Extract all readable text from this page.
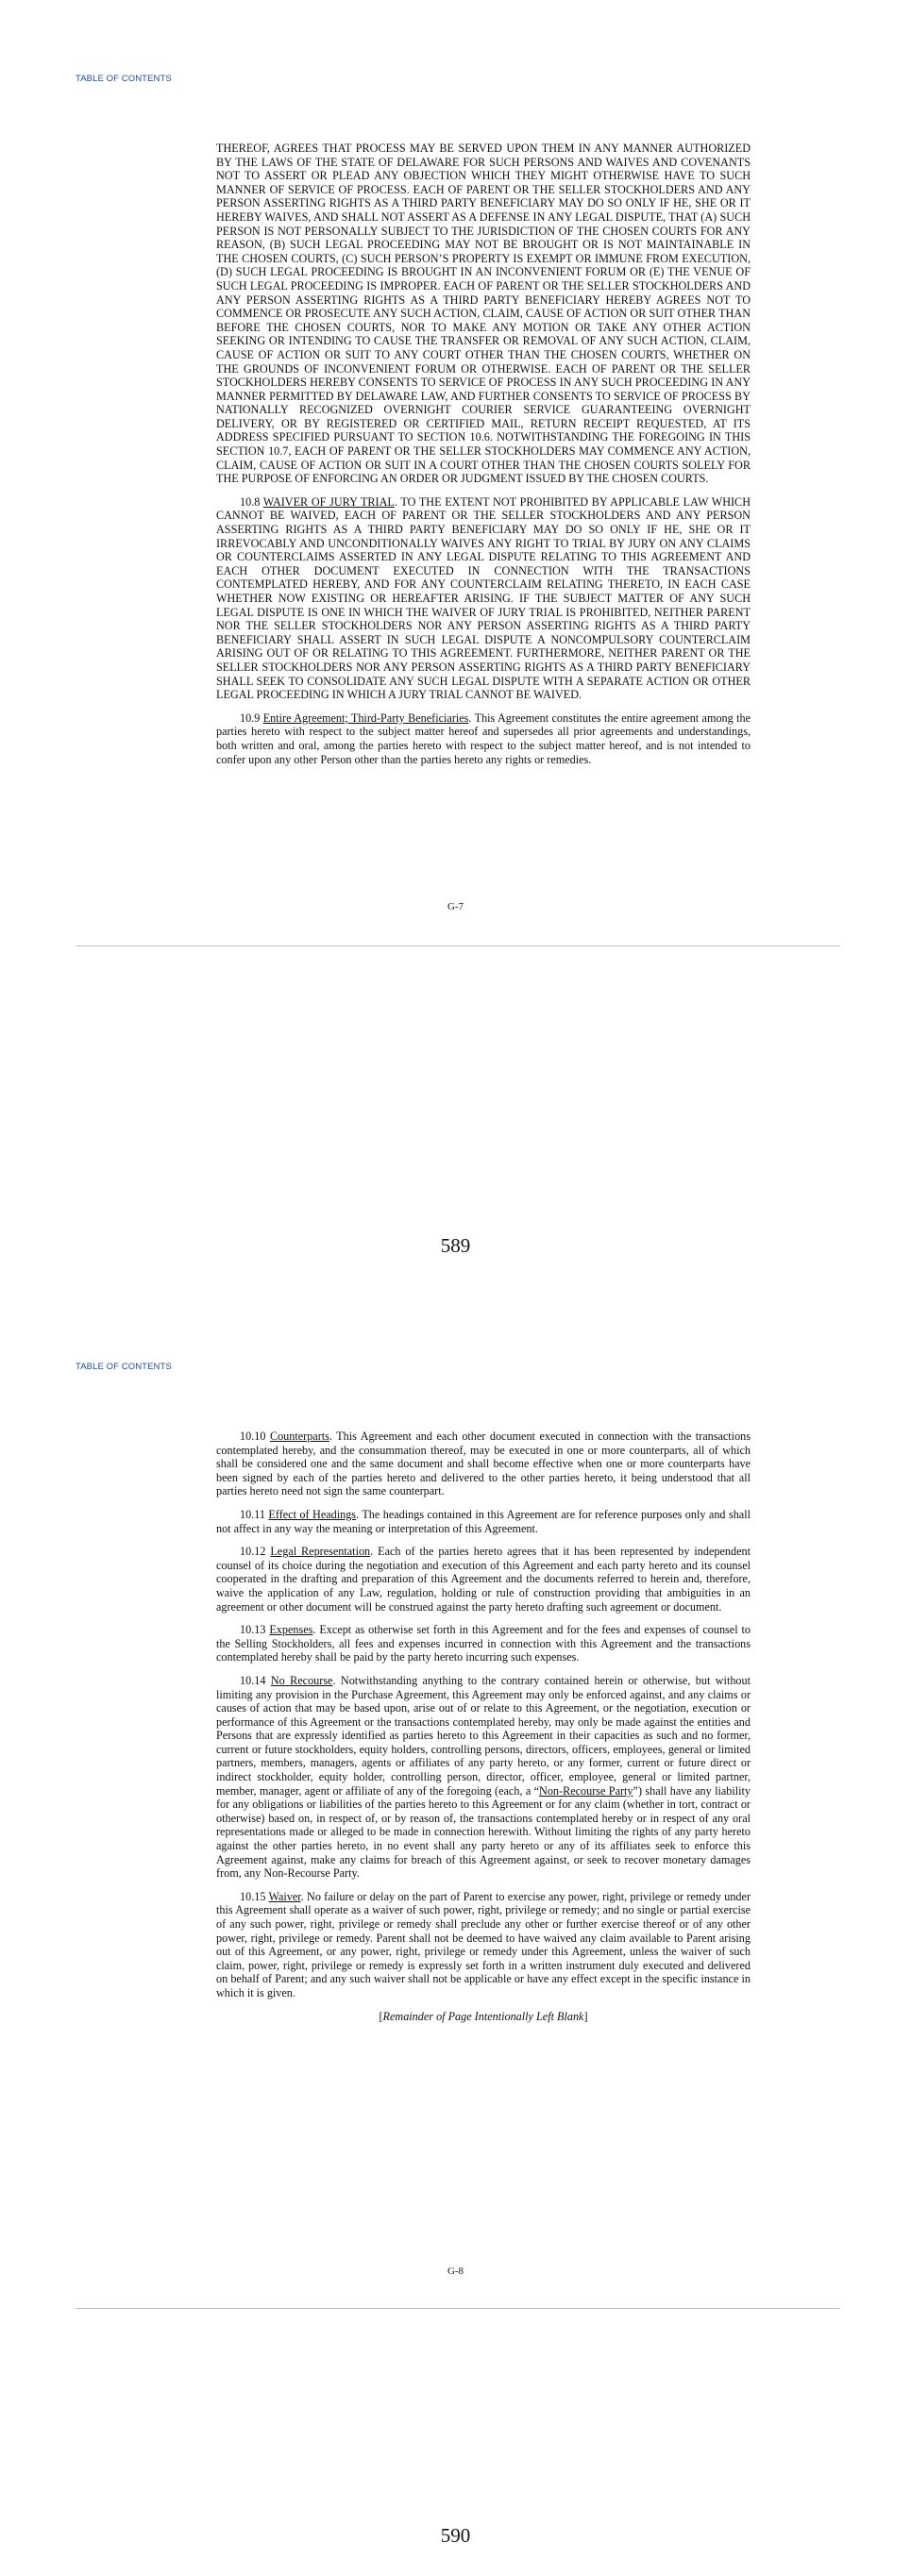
TABLE OF CONTENTS

THEREOF, AGREES THAT PROCESS MAY BE SERVED UPON THEM IN ANY MANNER AUTHORIZED BY THE LAWS OF THE STATE OF DELAWARE FOR SUCH PERSONS AND WAIVES AND COVENANTS NOT TO ASSERT OR PLEAD ANY OBJECTION WHICH THEY MIGHT OTHERWISE HAVE TO SUCH MANNER OF SERVICE OF PROCESS. EACH OF PARENT OR THE SELLER STOCKHOLDERS AND ANY PERSON ASSERTING RIGHTS AS A THIRD PARTY BENEFICIARY MAY DO SO ONLY IF HE, SHE OR IT HEREBY WAIVES, AND SHALL NOT ASSERT AS A DEFENSE IN ANY LEGAL DISPUTE, THAT (A) SUCH PERSON IS NOT PERSONALLY SUBJECT TO THE JURISDICTION OF THE CHOSEN COURTS FOR ANY REASON, (B) SUCH LEGAL PROCEEDING MAY NOT BE BROUGHT OR IS NOT MAINTAINABLE IN THE CHOSEN COURTS, (C) SUCH PERSON’S PROPERTY IS EXEMPT OR IMMUNE FROM EXECUTION, (D) SUCH LEGAL PROCEEDING IS BROUGHT IN AN INCONVENIENT FORUM OR (E) THE VENUE OF SUCH LEGAL PROCEEDING IS IMPROPER. EACH OF PARENT OR THE SELLER STOCKHOLDERS AND ANY PERSON ASSERTING RIGHTS AS A THIRD PARTY BENEFICIARY HEREBY AGREES NOT TO COMMENCE OR PROSECUTE ANY SUCH ACTION, CLAIM, CAUSE OF ACTION OR SUIT OTHER THAN BEFORE THE CHOSEN COURTS, NOR TO MAKE ANY MOTION OR TAKE ANY OTHER ACTION SEEKING OR INTENDING TO CAUSE THE TRANSFER OR REMOVAL OF ANY SUCH ACTION, CLAIM, CAUSE OF ACTION OR SUIT TO ANY COURT OTHER THAN THE CHOSEN COURTS, WHETHER ON THE GROUNDS OF INCONVENIENT FORUM OR OTHERWISE. EACH OF PARENT OR THE SELLER STOCKHOLDERS HEREBY CONSENTS TO SERVICE OF PROCESS IN ANY SUCH PROCEEDING IN ANY MANNER PERMITTED BY DELAWARE LAW, AND FURTHER CONSENTS TO SERVICE OF PROCESS BY NATIONALLY RECOGNIZED OVERNIGHT COURIER SERVICE GUARANTEEING OVERNIGHT DELIVERY, OR BY REGISTERED OR CERTIFIED MAIL, RETURN RECEIPT REQUESTED, AT ITS ADDRESS SPECIFIED PURSUANT TO SECTION 10.6. NOTWITHSTANDING THE FOREGOING IN THIS SECTION 10.7, EACH OF PARENT OR THE SELLER STOCKHOLDERS MAY COMMENCE ANY ACTION, CLAIM, CAUSE OF ACTION OR SUIT IN A COURT OTHER THAN THE CHOSEN COURTS SOLELY FOR THE PURPOSE OF ENFORCING AN ORDER OR JUDGMENT ISSUED BY THE CHOSEN COURTS.

10.8 WAIVER OF JURY TRIAL. TO THE EXTENT NOT PROHIBITED BY APPLICABLE LAW WHICH CANNOT BE WAIVED, EACH OF PARENT OR THE SELLER STOCKHOLDERS AND ANY PERSON ASSERTING RIGHTS AS A THIRD PARTY BENEFICIARY MAY DO SO ONLY IF HE, SHE OR IT IRREVOCABLY AND UNCONDITIONALLY WAIVES ANY RIGHT TO TRIAL BY JURY ON ANY CLAIMS OR COUNTERCLAIMS ASSERTED IN ANY LEGAL DISPUTE RELATING TO THIS AGREEMENT AND EACH OTHER DOCUMENT EXECUTED IN CONNECTION WITH THE TRANSACTIONS CONTEMPLATED HEREBY, AND FOR ANY COUNTERCLAIM RELATING THERETO, IN EACH CASE WHETHER NOW EXISTING OR HEREAFTER ARISING. IF THE SUBJECT MATTER OF ANY SUCH LEGAL DISPUTE IS ONE IN WHICH THE WAIVER OF JURY TRIAL IS PROHIBITED, NEITHER PARENT NOR THE SELLER STOCKHOLDERS NOR ANY PERSON ASSERTING RIGHTS AS A THIRD PARTY BENEFICIARY SHALL ASSERT IN SUCH LEGAL DISPUTE A NONCOMPULSORY COUNTERCLAIM ARISING OUT OF OR RELATING TO THIS AGREEMENT. FURTHERMORE, NEITHER PARENT OR THE SELLER STOCKHOLDERS NOR ANY PERSON ASSERTING RIGHTS AS A THIRD PARTY BENEFICIARY SHALL SEEK TO CONSOLIDATE ANY SUCH LEGAL DISPUTE WITH A SEPARATE ACTION OR OTHER LEGAL PROCEEDING IN WHICH A JURY TRIAL CANNOT BE WAIVED.

10.9 Entire Agreement; Third-Party Beneficiaries. This Agreement constitutes the entire agreement among the parties hereto with respect to the subject matter hereof and supersedes all prior agreements and understandings, both written and oral, among the parties hereto with respect to the subject matter hereof, and is not intended to confer upon any other Person other than the parties hereto any rights or remedies.

G-7
589
TABLE OF CONTENTS

10.10 Counterparts. This Agreement and each other document executed in connection with the transactions contemplated hereby, and the consummation thereof, may be executed in one or more counterparts, all of which shall be considered one and the same document and shall become effective when one or more counterparts have been signed by each of the parties hereto and delivered to the other parties hereto, it being understood that all parties hereto need not sign the same counterpart.

10.11 Effect of Headings. The headings contained in this Agreement are for reference purposes only and shall not affect in any way the meaning or interpretation of this Agreement.

10.12 Legal Representation. Each of the parties hereto agrees that it has been represented by independent counsel of its choice during the negotiation and execution of this Agreement and each party hereto and its counsel cooperated in the drafting and preparation of this Agreement and the documents referred to herein and, therefore, waive the application of any Law, regulation, holding or rule of construction providing that ambiguities in an agreement or other document will be construed against the party hereto drafting such agreement or document.

10.13 Expenses. Except as otherwise set forth in this Agreement and for the fees and expenses of counsel to the Selling Stockholders, all fees and expenses incurred in connection with this Agreement and the transactions contemplated hereby shall be paid by the party hereto incurring such expenses.

10.14 No Recourse. Notwithstanding anything to the contrary contained herein or otherwise, but without limiting any provision in the Purchase Agreement, this Agreement may only be enforced against, and any claims or causes of action that may be based upon, arise out of or relate to this Agreement, or the negotiation, execution or performance of this Agreement or the transactions contemplated hereby, may only be made against the entities and Persons that are expressly identified as parties hereto to this Agreement in their capacities as such and no former, current or future stockholders, equity holders, controlling persons, directors, officers, employees, general or limited partners, members, managers, agents or affiliates of any party hereto, or any former, current or future direct or indirect stockholder, equity holder, controlling person, director, officer, employee, general or limited partner, member, manager, agent or affiliate of any of the foregoing (each, a “Non-Recourse Party”) shall have any liability for any obligations or liabilities of the parties hereto to this Agreement or for any claim (whether in tort, contract or otherwise) based on, in respect of, or by reason of, the transactions contemplated hereby or in respect of any oral representations made or alleged to be made in connection herewith. Without limiting the rights of any party hereto against the other parties hereto, in no event shall any party hereto or any of its affiliates seek to enforce this Agreement against, make any claims for breach of this Agreement against, or seek to recover monetary damages from, any Non-Recourse Party.

10.15 Waiver. No failure or delay on the part of Parent to exercise any power, right, privilege or remedy under this Agreement shall operate as a waiver of such power, right, privilege or remedy; and no single or partial exercise of any such power, right, privilege or remedy shall preclude any other or further exercise thereof or of any other power, right, privilege or remedy. Parent shall not be deemed to have waived any claim available to Parent arising out of this Agreement, or any power, right, privilege or remedy under this Agreement, unless the waiver of such claim, power, right, privilege or remedy is expressly set forth in a written instrument duly executed and delivered on behalf of Parent; and any such waiver shall not be applicable or have any effect except in the specific instance in which it is given.

[Remainder of Page Intentionally Left Blank]

G-8
590
